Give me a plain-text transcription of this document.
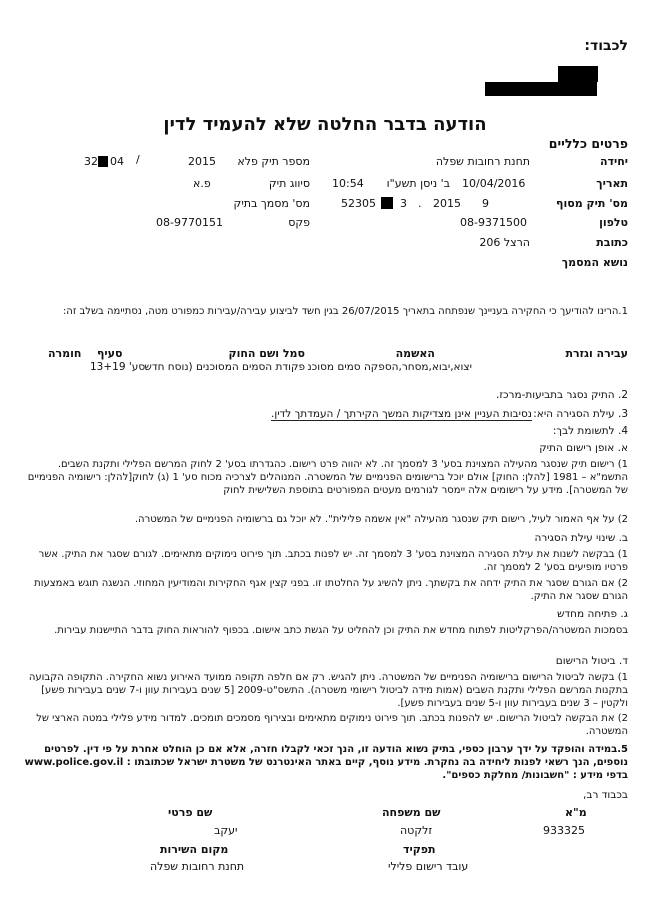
לכבוד:
הודעה בדבר החלטה שלא להעמיד לדין
פרטים כלליים
יחידה
תחנת רחובות שפלה
מספר תיק פלא
2015
/
04
32
תאריך
10/04/2016
ב' ניסן תשע"ו
10:54
סיווג תיק
פ.א
מס' תיק מסוף
9
2015
.
3
5
5230
מס' מסמך בתיק
טלפון
08-9371500
פקס
08-9770151
כתובת
הרצל 206
נושא המסמך
1.הרינו להודיעך כי החקירה בעניינך שנפתחה בתאריך 26/07/2015 בגין חשד לביצוע עבירה/עבירות כמפורט מטה, נסתיימה בשלב זה:
עבירה וגזרת
האשמה
סמל ושם החוק
סעיף
חומרה
יצוא,יבוא,מסחר,הספקה סמים מסוכנ
פקודת הסמים המסוכנים (נוסח חדש
סע' 13+19
2. התיק נסגר בתביעות-מרכז.
3. עילת הסגירה היא:
נסיבות העניין אינן מצדיקות המשך הקירתך / העמדתך לדין.
4. לתשומת לבך:
א. אופן רישום התיק
1) רישום תיק שנסגר מהעילה המצוינת בסע' 3 למסמך זה. לא יהווה פרט רישום. כהגדרתו בסע' 2 לחוק המרשם הפלילי ותקנת השבים. התשמ"א – 1981 [להלן: החוק] אולם יוכל ברישומים הפנימיים של המשטרה. המנוהלים לצרכיה מכוח סע' 1 (ג) לחוק[להלן: רישומיה הפנימיים של המשטרה]. מידע על רישומים אלה יימסר לגורמים מעטים המפורטים בתוספת השלישית לחוק
2) על אף האמור לעיל, רישום תיק שנסגר מהעילה "אין אשמה פלילית". לא יוכל גם ברשומיה הפנימיים של המשטרה.
ב. שינוי עילת הסגירה
1) בבקשה לשנות את עילת הסגירה המצוינת בסע' 3 למסמך זה. יש לפנות בכתב. תוך פירוט נימוקים מתאימים. לגורם שסגר את התיק. אשר פרטיו מופיעים בסע' 2 למסמך זה.
2) אם הגורם שסגר את התיק ידחה את בקשתך. ניתן להשיג על החלטתו זו. בפני קצין אגף החקירות והמודיעין המחוזי. הנשגה תוגש באמצעות הגורם שסגר את התיק.
ג. פתיחה מחדש
בסמכות המשטרה/הפרקליטות לפתוח מחדש את התיק וכן להחליט על הגשת כתב אישום. בכפוף להוראות החוק בדבר התיישנות עבירות.
ד. ביטול הרישום
1) בקשה לביטול הרישום ברישומיה הפנימיים של המשטרה. ניתן להגיש. רק אם חלפה תקופה ממועד האירוע נשוא החקירה. התקופה הקבועה בתקנות המרשם הפלילי ותקנת השבים (אמות מידה לביטול רישומי משטרה). התשס"ט-2009 [5 שנים בעבירות עוון ו-7 שנים בעבירות פשע] ולקטין – 3 שנים בעבירות עוון ו-5 שנים בעבירות פשע].
2) את הבקשה לביטול הרישום. יש להפנות בכתב. תוך פירוט נימוקים מתאימים ובצירוף מסמכים תומכים. למדור מידע פלילי במטה הארצי של המשטרה.
5.במידה והופקד על ידך ערבון כספי, בתיק נשוא הודעה זו, הנך זכאי לקבלו חזרה, אלא אם כן הוחלט אחרת על פי דין. לפרטים נוספים, הנך רשאי לפנות ליחידה בה נחקרת. מידע נוסף, קיים באתר האינטרנט של משטרת ישראל שכתובתו : www.police.gov.il בדפי מידע : "חשבונות/ מחלקת כספים".
בכבוד רב,
מ"א
שם משפחה
שם פרטי
933325
זלקטה
יעקב
תפקיד
מקום השירות
עובד רישום פלילי
תחנת רחובות שפלה
